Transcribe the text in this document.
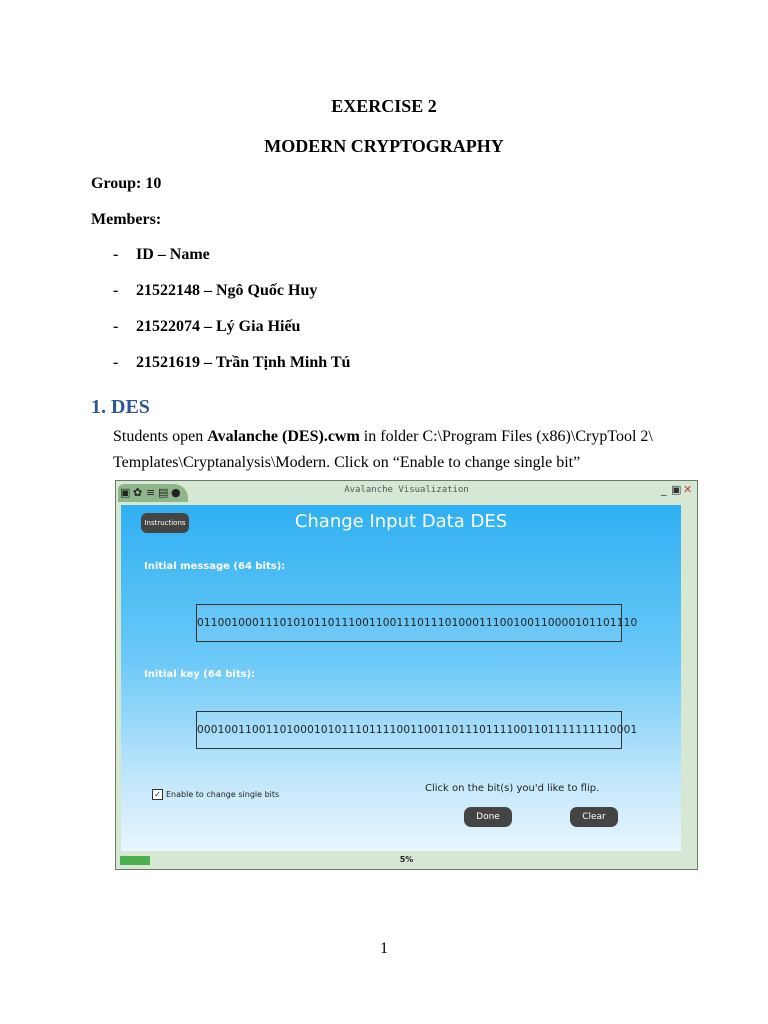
EXERCISE 2
MODERN CRYPTOGRAPHY
Group: 10
Members:
- ID – Name
- 21522148 – Ngô Quốc Huy
- 21522074 – Lý Gia Hiếu
- 21521619 – Trần Tịnh Minh Tú
1. DES
Students open Avalanche (DES).cwm in folder C:\Program Files (x86)\CrypTool 2\
Templates\Cryptanalysis\Modern. Click on “Enable to change single bit”
▣ ✿ ≡ ▤ ●	Avalanche Visualization	_ ▣ ✕
Instructions	Change Input Data DES
Initial message (64 bits):
0110010001110101011011100110011101110100011100100110000101101110
Initial key (64 bits):
0001001100110100010101110111100110011011101111001101111111110001
✓ Enable to change single bits
Click on the bit(s) you'd like to flip.
Done	Clear
5%
1
